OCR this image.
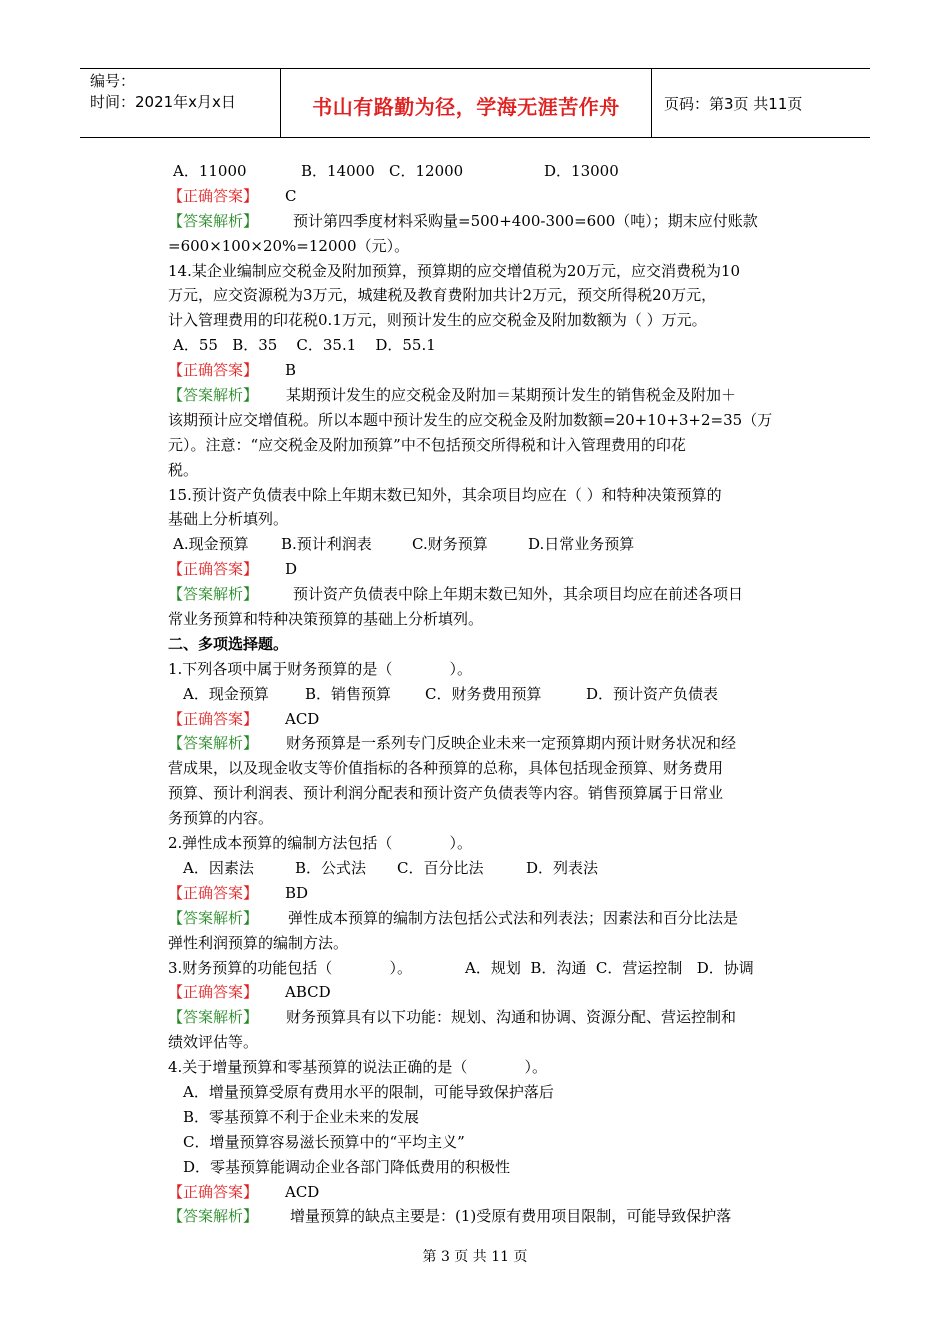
编号：
时间：2021年x月x日	书山有路勤为径，学海无涯苦作舟	页码：第3页 共11页
A．11000	B．14000 C．12000	D．13000
【正确答案】 C
【答案解析】 预计第四季度材料采购量=500+400-300=600（吨）；期末应付账款
=600×100×20%=12000（元）。
14.某企业编制应交税金及附加预算，预算期的应交增值税为20万元，应交消费税为10
万元，应交资源税为3万元，城建税及教育费附加共计2万元，预交所得税20万元，
计入管理费用的印花税0.1万元，则预计发生的应交税金及附加数额为（ ）万元。
A．55   B．35    C．35.1    D．55.1
【正确答案】 B
【答案解析】 某期预计发生的应交税金及附加＝某期预计发生的销售税金及附加＋
该期预计应交增值税。所以本题中预计发生的应交税金及附加数额=20+10+3+2=35（万
元）。注意：“应交税金及附加预算”中不包括预交所得税和计入管理费用的印花
税。
15.预计资产负债表中除上年期末数已知外，其余项目均应在（ ）和特种决策预算的
基础上分析填列。
A.现金预算 B.预计利润表	C.财务预算	D.日常业务预算
【正确答案】 D
【答案解析】 预计资产负债表中除上年期末数已知外，其余项目均应在前述各项日
常业务预算和特种决策预算的基础上分析填列。
二、多项选择题。
1.下列各项中属于财务预算的是（            ）。
A．现金预算 B．销售预算 C．财务费用预算	D．预计资产负债表
【正确答案】 ACD
【答案解析】 财务预算是一系列专门反映企业未来一定预算期内预计财务状况和经
营成果，以及现金收支等价值指标的各种预算的总称，具体包括现金预算、财务费用
预算、预计利润表、预计利润分配表和预计资产负债表等内容。销售预算属于日常业
务预算的内容。
2.弹性成本预算的编制方法包括（            ）。
A．因素法	B．公式法 C．百分比法	D．列表法
【正确答案】 BD
【答案解析】 弹性成本预算的编制方法包括公式法和列表法；因素法和百分比法是
弹性利润预算的编制方法。
3.财务预算的功能包括（            ）。	A．规划  B．沟通  C．营运控制   D．协调
【正确答案】 ABCD
【答案解析】 财务预算具有以下功能：规划、沟通和协调、资源分配、营运控制和
绩效评估等。
4.关于增量预算和零基预算的说法正确的是（            ）。
A．增量预算受原有费用水平的限制，可能导致保护落后
B．零基预算不利于企业未来的发展
C．增量预算容易滋长预算中的“平均主义”
D．零基预算能调动企业各部门降低费用的积极性
【正确答案】 ACD
【答案解析】 增量预算的缺点主要是：(1)受原有费用项目限制，可能导致保护落
第 3 页 共 11 页
